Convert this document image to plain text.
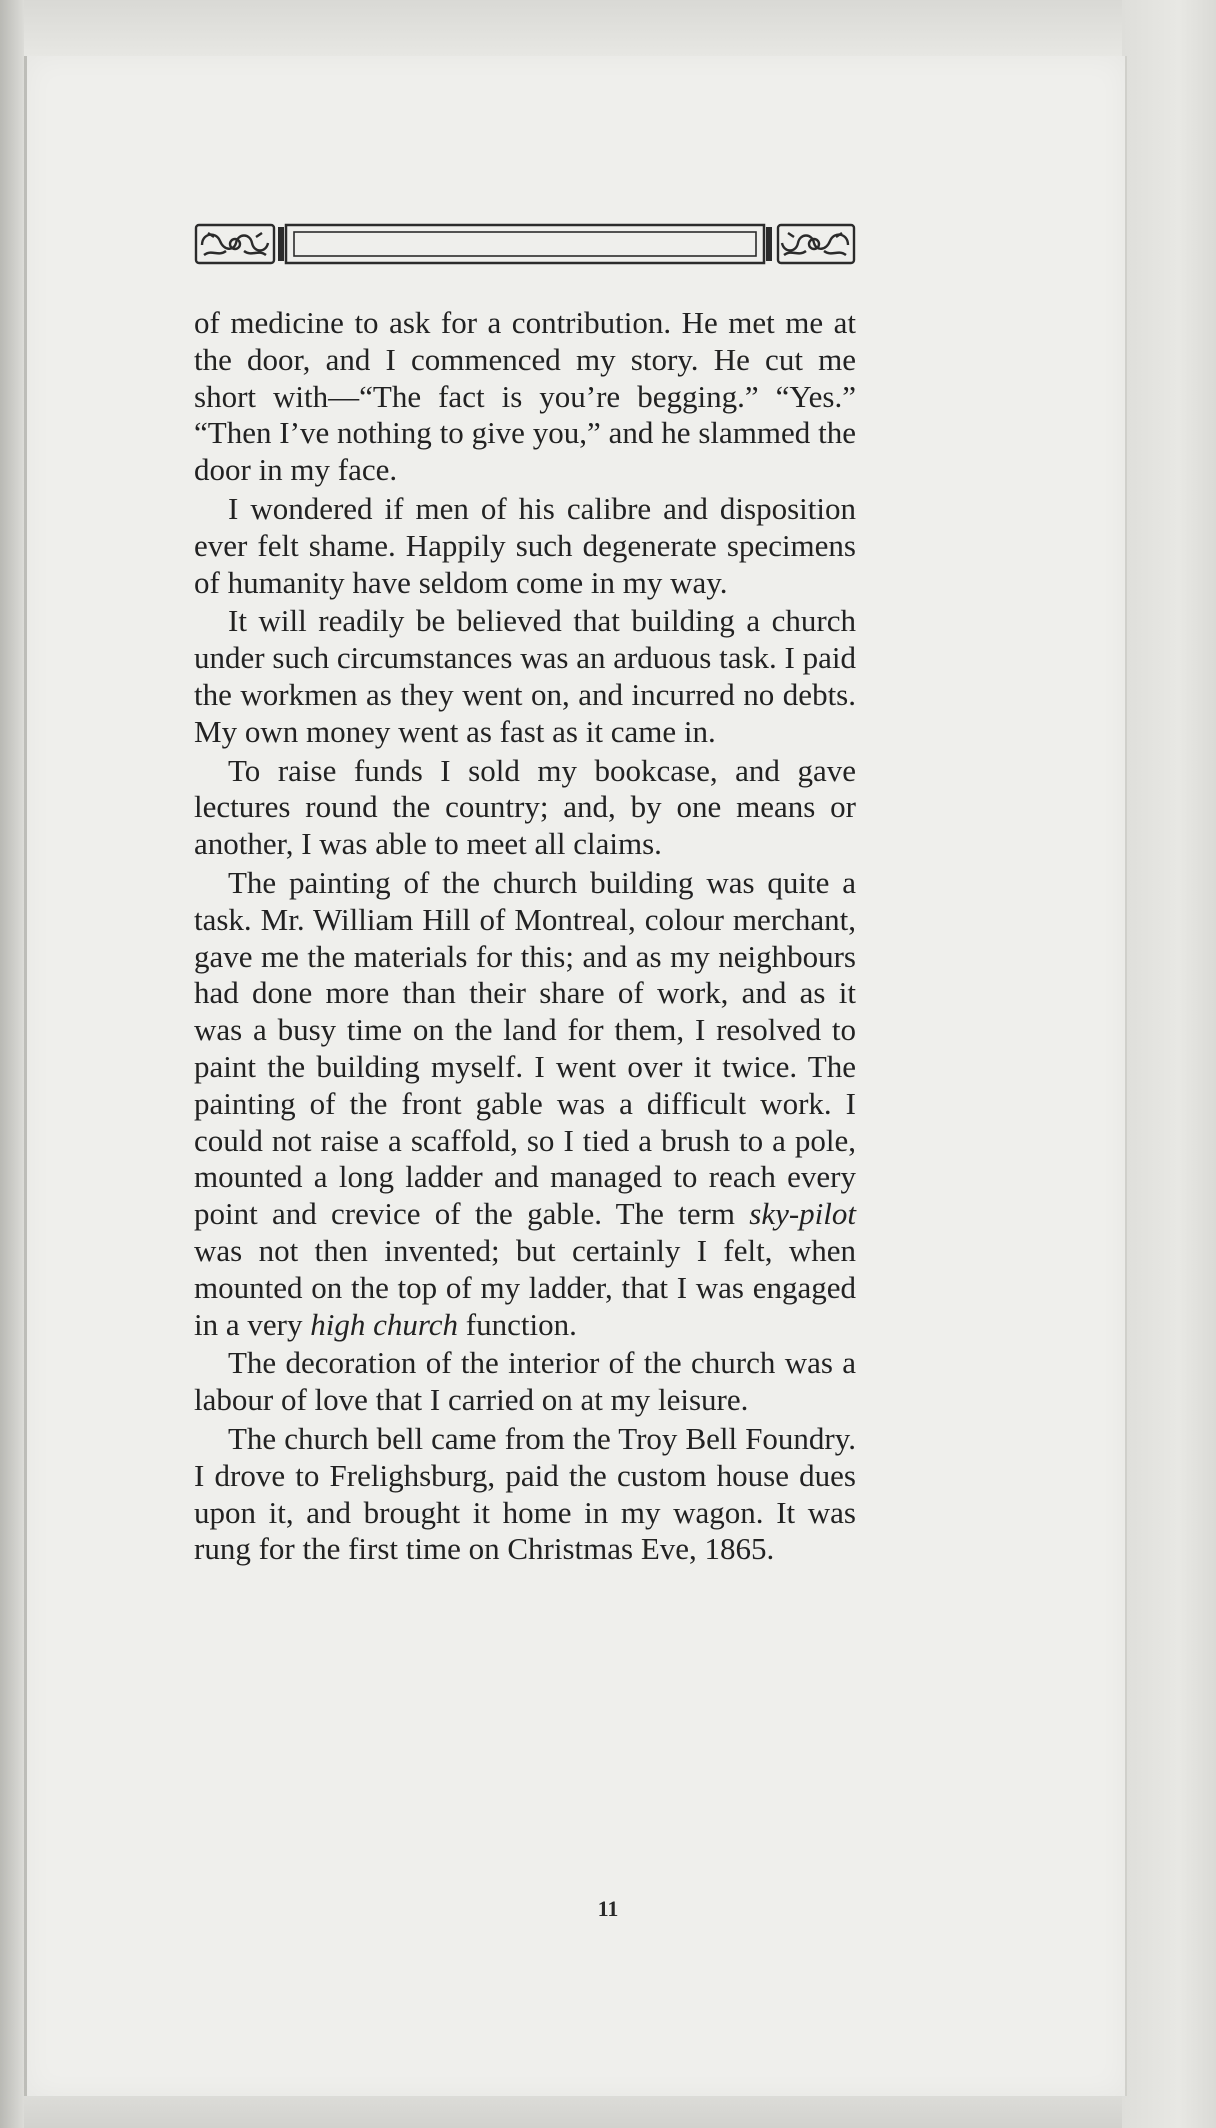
of medicine to ask for a contribution. He met me at the door, and I commenced my story. He cut me short with—“The fact is you’re begging.” “Yes.” “Then I’ve nothing to give you,” and he slammed the door in my face.

I wondered if men of his calibre and disposition ever felt shame. Happily such degenerate specimens of humanity have seldom come in my way.

It will readily be believed that building a church under such circumstances was an arduous task. I paid the workmen as they went on, and incurred no debts. My own money went as fast as it came in.

To raise funds I sold my bookcase, and gave lectures round the country; and, by one means or another, I was able to meet all claims.

The painting of the church building was quite a task. Mr. William Hill of Montreal, colour merchant, gave me the materials for this; and as my neighbours had done more than their share of work, and as it was a busy time on the land for them, I resolved to paint the building myself. I went over it twice. The painting of the front gable was a difficult work. I could not raise a scaffold, so I tied a brush to a pole, mounted a long ladder and managed to reach every point and crevice of the gable. The term sky-pilot was not then invented; but certainly I felt, when mounted on the top of my ladder, that I was engaged in a very high church function.

The decoration of the interior of the church was a labour of love that I carried on at my leisure.

The church bell came from the Troy Bell Foundry. I drove to Frelighsburg, paid the custom house dues upon it, and brought it home in my wagon. It was rung for the first time on Christmas Eve, 1865.

11
